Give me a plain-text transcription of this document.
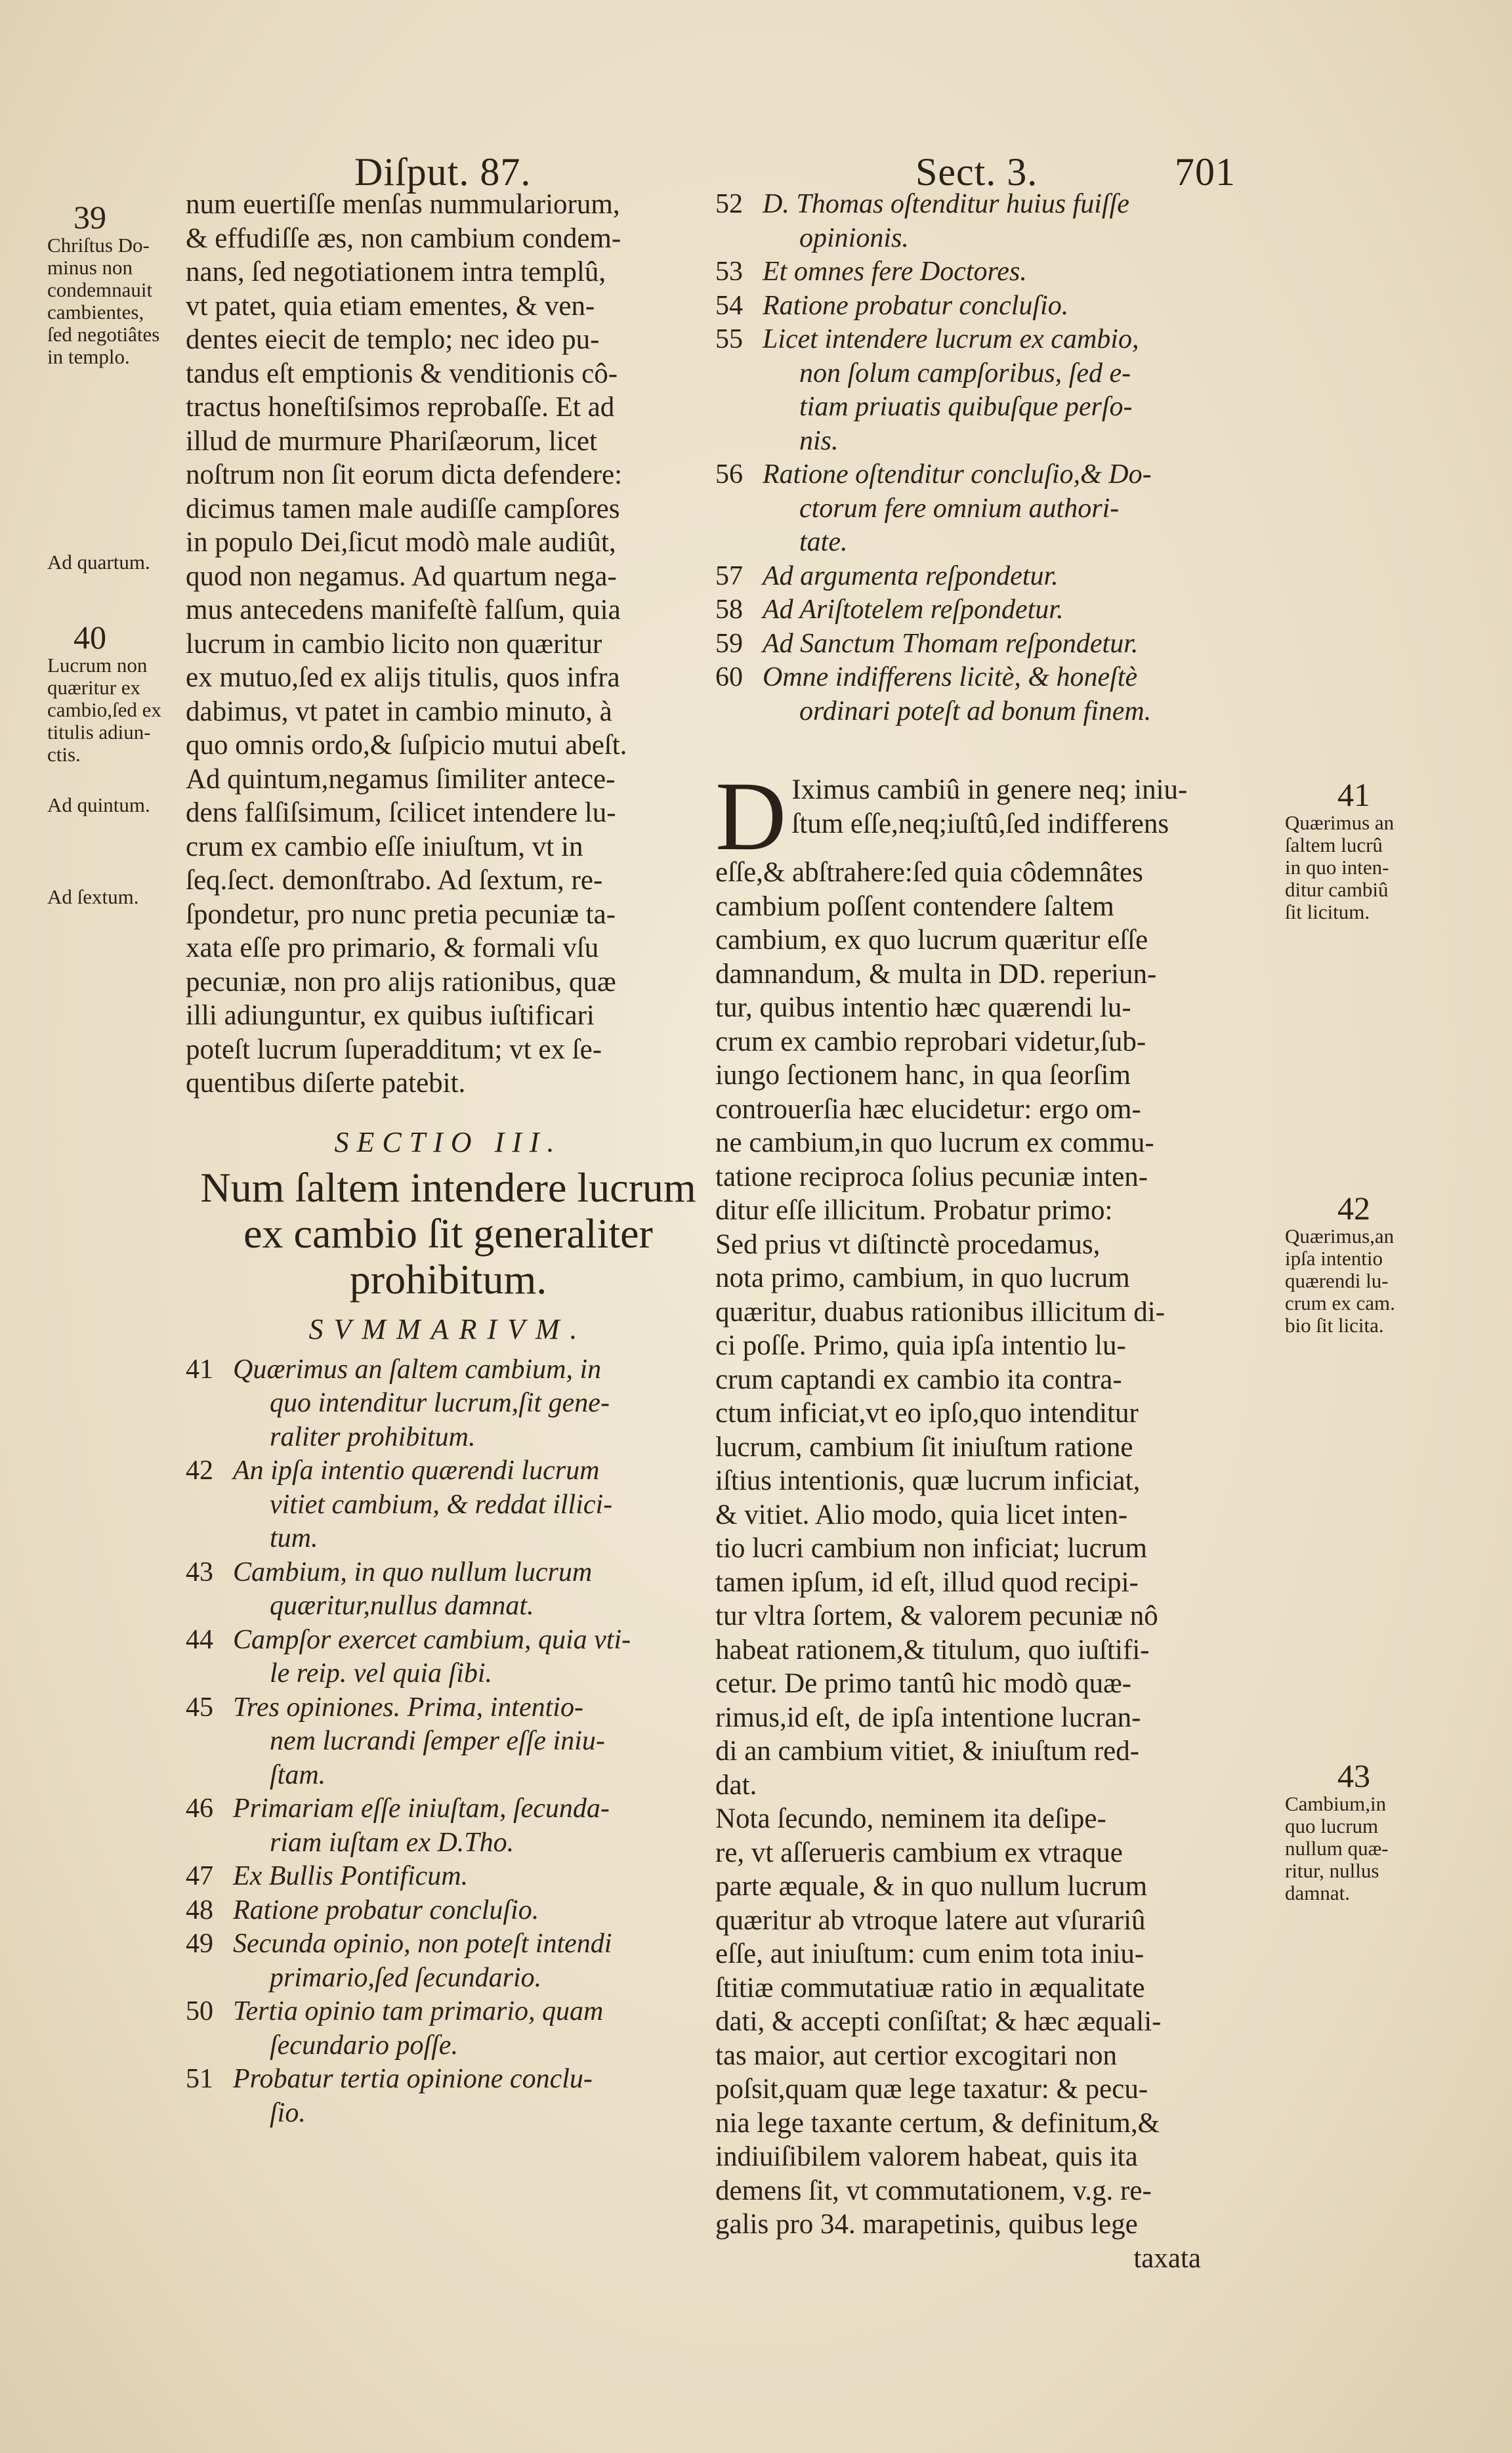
Diſput. 87.	Sect. 3.	701
num euertiſſe menſas nummulariorum,
& effudiſſe æs, non cambium condem-
nans, ſed negotiationem intra templû,
vt patet, quia etiam ementes, & ven-
dentes eiecit de templo; nec ideo pu-
tandus eſt emptionis & venditionis cô-
tractus honeſtiſsimos reprobaſſe. Et ad
illud de murmure Phariſæorum, licet
noſtrum non ſit eorum dicta defendere:
dicimus tamen male audiſſe campſores
in populo Dei,ſicut modò male audiût,
quod non negamus. Ad quartum nega-
mus antecedens manifeſtè falſum, quia
lucrum in cambio licito non quæritur
ex mutuo,ſed ex alijs titulis, quos infra
dabimus, vt patet in cambio minuto, à
quo omnis ordo,& ſuſpicio mutui abeſt.
Ad quintum,negamus ſimiliter antece-
dens falſiſsimum, ſcilicet intendere lu-
crum ex cambio eſſe iniuſtum, vt in
ſeq.ſect. demonſtrabo. Ad ſextum, re-
ſpondetur, pro nunc pretia pecuniæ ta-
xata eſſe pro primario, & formali vſu
pecuniæ, non pro alijs rationibus, quæ
illi adiunguntur, ex quibus iuſtificari
poteſt lucrum ſuperadditum; vt ex ſe-
quentibus diſerte patebit.
SECTIO III.
Num ſaltem intendere lucrum
ex cambio ſit generaliter
prohibitum.
SVMMARIVM.
41 Quærimus an ſaltem cambium, in
quo intenditur lucrum,ſit gene-
raliter prohibitum.
42 An ipſa intentio quærendi lucrum
vitiet cambium, & reddat illici-
tum.
43 Cambium, in quo nullum lucrum
quæritur,nullus damnat.
44 Campſor exercet cambium, quia vti-
le reip. vel quia ſibi.
45 Tres opiniones. Prima, intentio-
nem lucrandi ſemper eſſe iniu-
ſtam.
46 Primariam eſſe iniuſtam, ſecunda-
riam iuſtam ex D.Tho.
47 Ex Bullis Pontificum.
48 Ratione probatur concluſio.
49 Secunda opinio, non poteſt intendi
primario,ſed ſecundario.
50 Tertia opinio tam primario, quam
ſecundario poſſe.
51 Probatur tertia opinione conclu-
ſio.
52 D. Thomas oſtenditur huius fuiſſe
opinionis.
53 Et omnes fere Doctores.
54 Ratione probatur concluſio.
55 Licet intendere lucrum ex cambio,
non ſolum campſoribus, ſed e-
tiam priuatis quibuſque perſo-
nis.
56 Ratione oſtenditur concluſio,& Do-
ctorum fere omnium authori-
tate.
57 Ad argumenta reſpondetur.
58 Ad Ariſtotelem reſpondetur.
59 Ad Sanctum Thomam reſpondetur.
60 Omne indifferens licitè, & honeſtè
ordinari poteſt ad bonum finem.
D Iximus cambiû in genere neq; iniu-
ſtum eſſe,neq;iuſtû,ſed indifferens
eſſe,& abſtrahere:ſed quia côdemnâtes
cambium poſſent contendere ſaltem
cambium, ex quo lucrum quæritur eſſe
damnandum, & multa in DD. reperiun-
tur, quibus intentio hæc quærendi lu-
crum ex cambio reprobari videtur,ſub-
iungo ſectionem hanc, in qua ſeorſim
controuerſia hæc elucidetur: ergo om-
ne cambium,in quo lucrum ex commu-
tatione reciproca ſolius pecuniæ inten-
ditur eſſe illicitum. Probatur primo:
Sed prius vt diſtinctè procedamus,
nota primo, cambium, in quo lucrum
quæritur, duabus rationibus illicitum di-
ci poſſe. Primo, quia ipſa intentio lu-
crum captandi ex cambio ita contra-
ctum inficiat,vt eo ipſo,quo intenditur
lucrum, cambium ſit iniuſtum ratione
iſtius intentionis, quæ lucrum inficiat,
& vitiet. Alio modo, quia licet inten-
tio lucri cambium non inficiat; lucrum
tamen ipſum, id eſt, illud quod recipi-
tur vltra ſortem, & valorem pecuniæ nô
habeat rationem,& titulum, quo iuſtifi-
cetur. De primo tantû hic modò quæ-
rimus,id eſt, de ipſa intentione lucran-
di an cambium vitiet, & iniuſtum red-
dat.
Nota ſecundo, neminem ita deſipe-
re, vt aſſerueris cambium ex vtraque
parte æquale, & in quo nullum lucrum
quæritur ab vtroque latere aut vſurariû
eſſe, aut iniuſtum: cum enim tota iniu-
ſtitiæ commutatiuæ ratio in æqualitate
dati, & accepti conſiſtat; & hæc æquali-
tas maior, aut certior excogitari non
poſsit,quam quæ lege taxatur: & pecu-
nia lege taxante certum, & definitum,&
indiuiſibilem valorem habeat, quis ita
demens ſit, vt commutationem, v.g. re-
galis pro 34. marapetinis, quibus lege
taxata
39
Chriſtus Do-
minus non
condemnauit
cambientes,
ſed negotiâtes
in templo.
Ad quartum.
40
Lucrum non
quæritur ex
cambio,ſed ex
titulis adiun-
ctis.
Ad quintum.
Ad ſextum.
41
Quærimus an
ſaltem lucrû
in quo inten-
ditur cambiû
ſit licitum.
42
Quærimus,an
ipſa intentio
quærendi lu-
crum ex cam.
bio ſit licita.
43
Cambium,in
quo lucrum
nullum quæ-
ritur, nullus
damnat.
